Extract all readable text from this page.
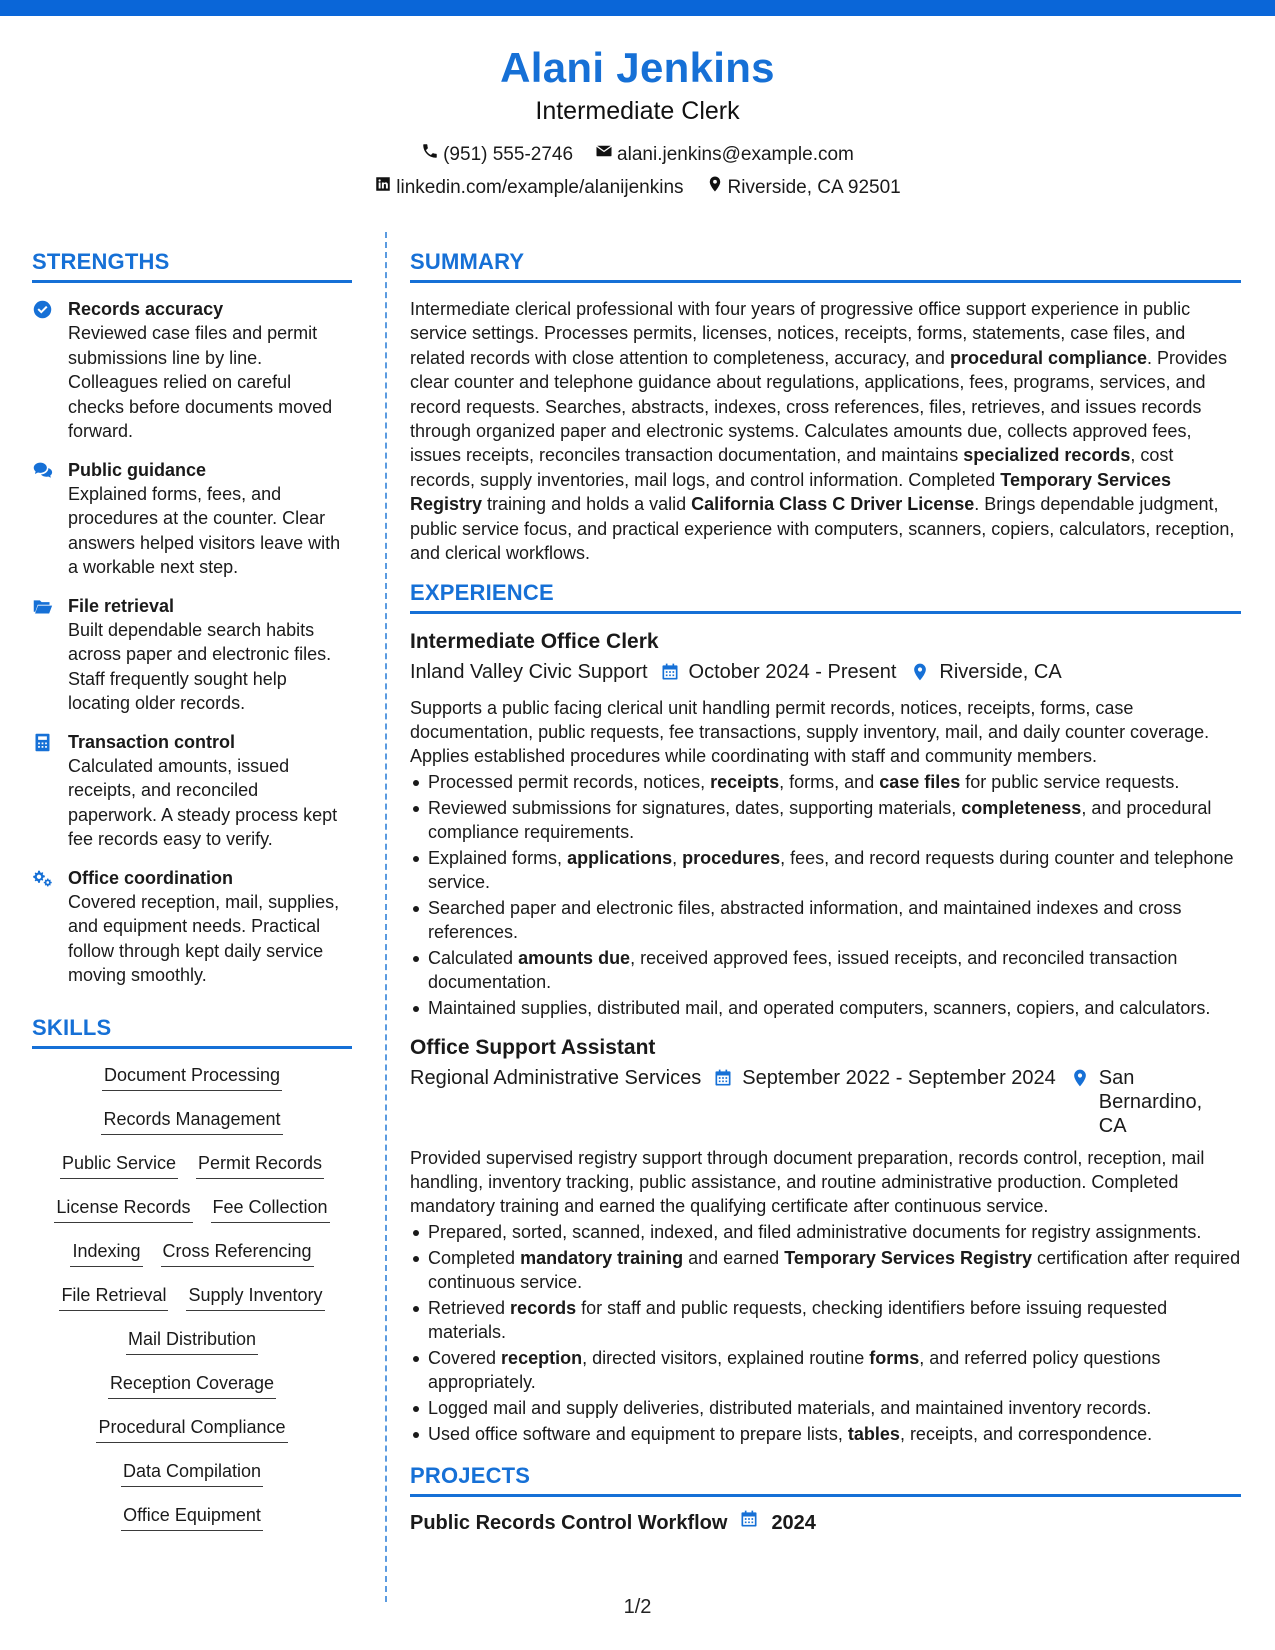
Alani Jenkins
Intermediate Clerk
(951) 555-2746 alani.jenkins@example.com
linkedin.com/example/alanijenkins Riverside, CA 92501
STRENGTHS
Records accuracy
Reviewed case files and permit submissions line by line. Colleagues relied on careful checks before documents moved forward.
Public guidance
Explained forms, fees, and procedures at the counter. Clear answers helped visitors leave with a workable next step.
File retrieval
Built dependable search habits across paper and electronic files. Staff frequently sought help locating older records.
Transaction control
Calculated amounts, issued receipts, and reconciled paperwork. A steady process kept fee records easy to verify.
Office coordination
Covered reception, mail, supplies, and equipment needs. Practical follow through kept daily service moving smoothly.
SKILLS
Document Processing
Records Management
Public Service Permit Records
License Records Fee Collection
Indexing Cross Referencing
File Retrieval Supply Inventory
Mail Distribution
Reception Coverage
Procedural Compliance
Data Compilation
Office Equipment
SUMMARY
Intermediate clerical professional with four years of progressive office support experience in public service settings. Processes permits, licenses, notices, receipts, forms, statements, case files, and related records with close attention to completeness, accuracy, and procedural compliance. Provides clear counter and telephone guidance about regulations, applications, fees, programs, services, and record requests. Searches, abstracts, indexes, cross references, files, retrieves, and issues records through organized paper and electronic systems. Calculates amounts due, collects approved fees, issues receipts, reconciles transaction documentation, and maintains specialized records, cost records, supply inventories, mail logs, and control information. Completed Temporary Services Registry training and holds a valid California Class C Driver License. Brings dependable judgment, public service focus, and practical experience with computers, scanners, copiers, calculators, reception, and clerical workflows.
EXPERIENCE
Intermediate Office Clerk
Inland Valley Civic Support October 2024 - Present Riverside, CA
Supports a public facing clerical unit handling permit records, notices, receipts, forms, case documentation, public requests, fee transactions, supply inventory, mail, and daily counter coverage. Applies established procedures while coordinating with staff and community members.
Processed permit records, notices, receipts, forms, and case files for public service requests.
Reviewed submissions for signatures, dates, supporting materials, completeness, and procedural compliance requirements.
Explained forms, applications, procedures, fees, and record requests during counter and telephone service.
Searched paper and electronic files, abstracted information, and maintained indexes and cross references.
Calculated amounts due, received approved fees, issued receipts, and reconciled transaction documentation.
Maintained supplies, distributed mail, and operated computers, scanners, copiers, and calculators.
Office Support Assistant
Regional Administrative Services September 2022 - September 2024 San Bernardino, CA
Provided supervised registry support through document preparation, records control, reception, mail handling, inventory tracking, public assistance, and routine administrative production. Completed mandatory training and earned the qualifying certificate after continuous service.
Prepared, sorted, scanned, indexed, and filed administrative documents for registry assignments.
Completed mandatory training and earned Temporary Services Registry certification after required continuous service.
Retrieved records for staff and public requests, checking identifiers before issuing requested materials.
Covered reception, directed visitors, explained routine forms, and referred policy questions appropriately.
Logged mail and supply deliveries, distributed materials, and maintained inventory records.
Used office software and equipment to prepare lists, tables, receipts, and correspondence.
PROJECTS
Public Records Control Workflow 2024
1/2
